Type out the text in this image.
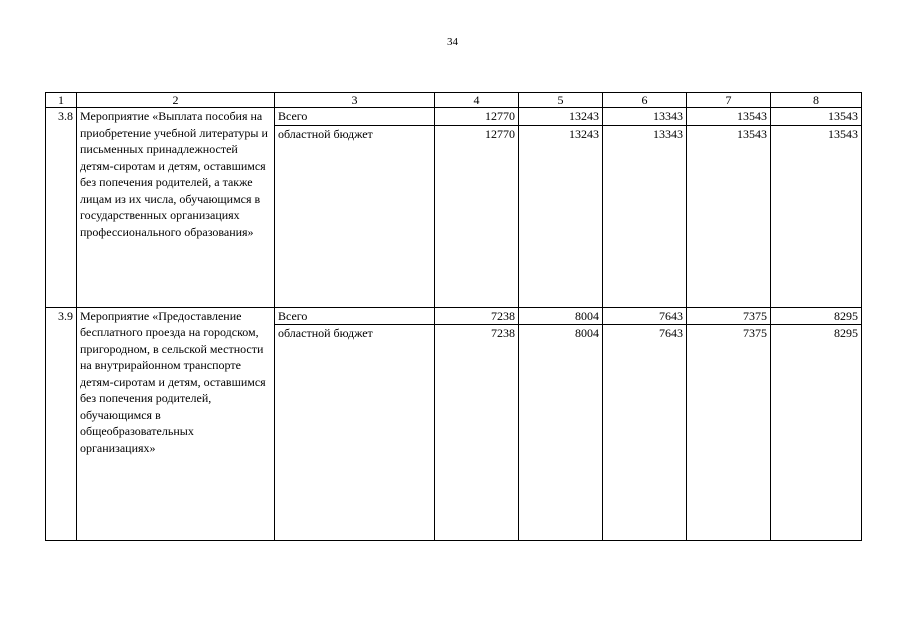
34
1	2	3	4	5	6	7	8
3.8	Мероприятие «Выплата пособия на приобретение учебной литературы и письменных принадлежностей детям-сиротам и детям, оставшимся без попечения родителей, а также лицам из их числа, обучающимся в государственных организациях профессионального образования»	Всего	12770	13243	13343	13543	13543
		областной бюджет	12770	13243	13343	13543	13543
3.9	Мероприятие «Предоставление бесплатного проезда на городском, пригородном, в сельской местности на внутрирайонном транспорте детям-сиротам и детям, оставшимся без попечения родителей, обучающимся в общеобразовательных организациях»	Всего	7238	8004	7643	7375	8295
		областной бюджет	7238	8004	7643	7375	8295
